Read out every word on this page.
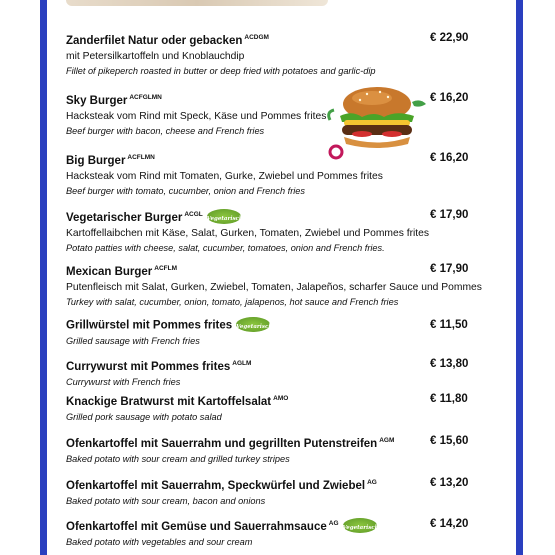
Zanderfilet Natur oder gebacken $^{ACDGM}$
mit Petersilkartoffeln und Knoblauchdip
Fillet of pikeperch roasted in butter or deep fried with potatoes and garlic-dip
€ 22,90
Sky Burger $^{ACFGLMN}$
Hacksteak vom Rind mit Speck, Käse und Pommes frites
Beef burger with bacon, cheese and French fries
€ 16,20
Big Burger $^{ACFLMN}$
Hacksteak vom Rind mit Tomaten, Gurke, Zwiebel und Pommes frites
Beef burger with tomato, cucumber, onion and French fries
€ 16,20
Vegetarischer Burger $^{ACGL}$
Vegetarisch
Kartoffellaibchen mit Käse, Salat, Gurken, Tomaten, Zwiebel und Pommes frites
Potato patties with cheese, salat, cucumber, tomatoes, onion and French fries.
€ 17,90
Mexican Burger $^{ACFLM}$
Putenfleisch mit Salat, Gurken, Zwiebel, Tomaten, Jalapeños, scharfer Sauce und Pommes
Turkey with salat, cucumber, onion, tomato, jalapenos, hot sauce and French fries
€ 17,90
Grillwürstel mit Pommes frites Vegetarisch
Grilled sausage with French fries
€ 11,50
Currywurst mit Pommes frites $^{AGLM}$
Currywurst with French fries
€ 13,80
Knackige Bratwurst mit Kartoffelsalat $^{AMO}$
Grilled pork sausage with potato salad
€ 11,80
Ofenkartoffel mit Sauerrahm und gegrillten Putenstreifen $^{AGM}$
Baked potato with sour cream and grilled turkey stripes
€ 15,60
Ofenkartoffel mit Sauerrahm, Speckwürfel und Zwiebel $^{AG}$
Baked potato with sour cream, bacon and onions
€ 13,20
Ofenkartoffel mit Gemüse und Sauerrahmsauce $^{AG}$
Vegetarisch
Baked potato with vegetables and sour cream
€ 14,20
